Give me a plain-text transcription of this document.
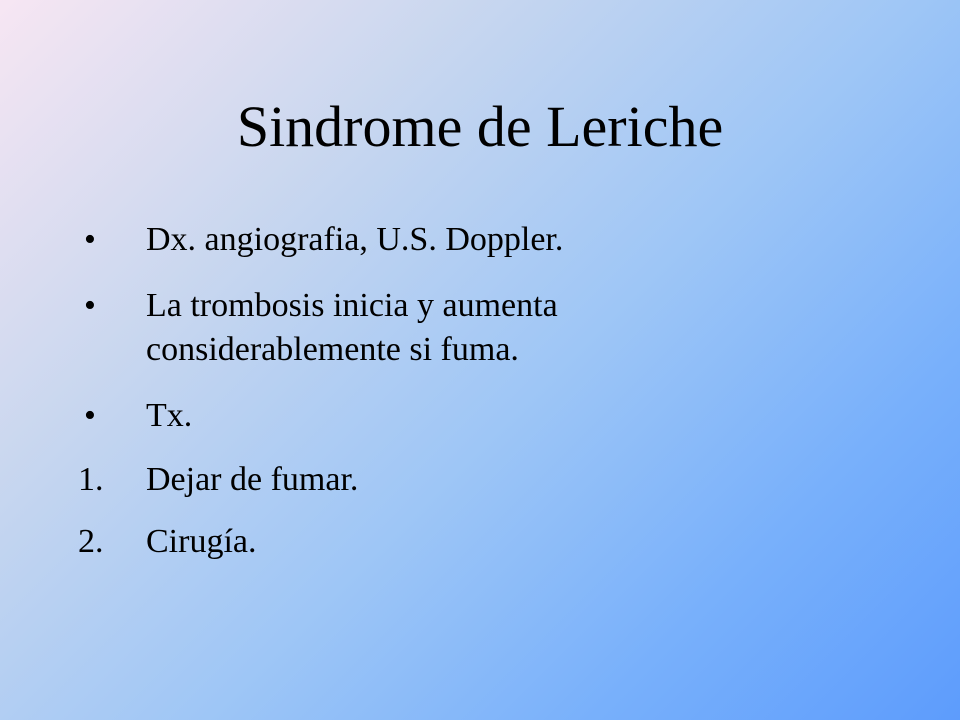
Sindrome de Leriche
•	Dx. angiografia, U.S. Doppler.
•	La trombosis inicia y aumenta considerablemente si fuma.
•	Tx.
1.	Dejar de fumar.
2.	Cirugía.
